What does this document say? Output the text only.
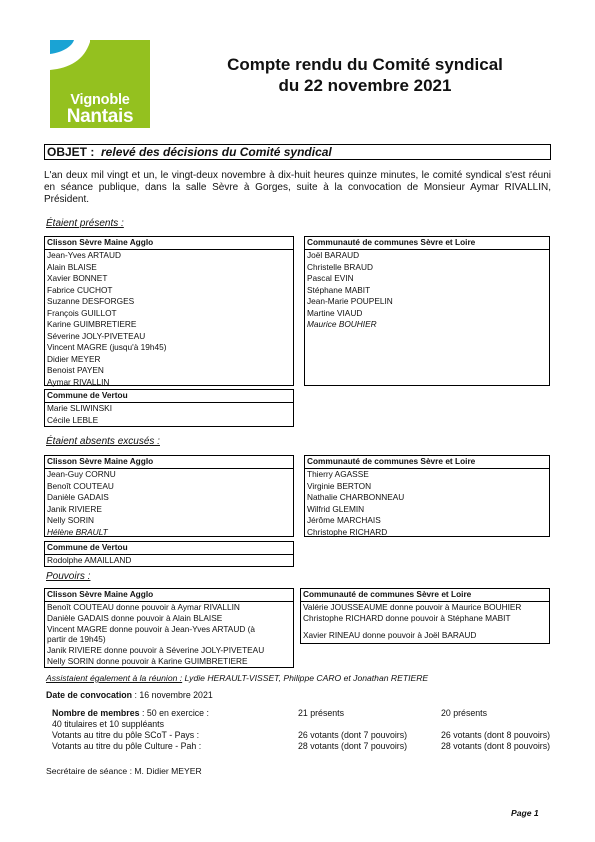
Vignoble
Nantais
Compte rendu du Comité syndical
du 22 novembre 2021
OBJET : relevé des décisions du Comité syndical
L'an deux mil vingt et un, le vingt-deux novembre à dix-huit heures quinze minutes, le comité syndical s'est réuni en séance publique, dans la salle Sèvre à Gorges, suite à la convocation de Monsieur Aymar RIVALLIN, Président.
Étaient présents :
Clisson Sèvre Maine Agglo
Jean-Yves ARTAUD
Alain BLAISE
Xavier BONNET
Fabrice CUCHOT
Suzanne DESFORGES
François GUILLOT
Karine GUIMBRETIERE
Séverine JOLY-PIVETEAU
Vincent MAGRE (jusqu'à 19h45)
Didier MEYER
Benoist PAYEN
Aymar RIVALLIN
Communauté de communes Sèvre et Loire
Joël BARAUD
Christelle BRAUD
Pascal EVIN
Stéphane MABIT
Jean-Marie POUPELIN
Martine VIAUD
Maurice BOUHIER
Commune de Vertou
Marie SLIWINSKI
Cécile LEBLE
Étaient absents excusés :
Clisson Sèvre Maine Agglo
Jean-Guy CORNU
Benoît COUTEAU
Danièle GADAIS
Janik RIVIERE
Nelly SORIN
Hélène BRAULT
Communauté de communes Sèvre et Loire
Thierry AGASSE
Virginie BERTON
Nathalie CHARBONNEAU
Wilfrid GLEMIN
Jérôme MARCHAIS
Christophe RICHARD
Commune de Vertou
Rodolphe AMAILLAND
Pouvoirs :
Clisson Sèvre Maine Agglo
Benoît COUTEAU donne pouvoir à Aymar RIVALLIN
Danièle GADAIS donne pouvoir à Alain BLAISE
Vincent MAGRE donne pouvoir à Jean-Yves ARTAUD (à
partir de 19h45)
Janik RIVIERE donne pouvoir à Séverine JOLY-PIVETEAU
Nelly SORIN donne pouvoir à Karine GUIMBRETIERE
Communauté de communes Sèvre et Loire
Valérie JOUSSEAUME donne pouvoir à Maurice BOUHIER
Christophe RICHARD donne pouvoir à Stéphane MABIT
Xavier RINEAU donne pouvoir à Joël BARAUD
Assistaient également à la réunion : Lydie HERAULT-VISSET, Philippe CARO et Jonathan RETIERE
Date de convocation : 16 novembre 2021
Nombre de membres : 50 en exercice :	21 présents	20 présents
40 titulaires et 10 suppléants
Votants au titre du pôle SCoT - Pays :	26 votants (dont 7 pouvoirs)	26 votants (dont 8 pouvoirs)
Votants au titre du pôle Culture - Pah :	28 votants (dont 7 pouvoirs)	28 votants (dont 8 pouvoirs)
Secrétaire de séance : M. Didier MEYER
Page 1
